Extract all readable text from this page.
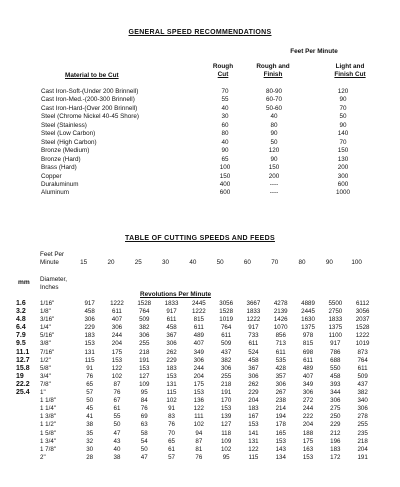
GENERAL SPEED RECOMMENDATIONS
Feet Per Minute
Material to be Cut
Rough
Cut
Rough and
Finish
Light and
Finish Cut
Cast Iron-Soft-(Under 200 Brinnell)	70	80-90	120
Cast Iron-Med.-(200-300 Brinnell)	55	60-70	90
Cast Iron-Hard-(Over 200 Brinnell)	40	50-60	70
Steel (Chrome Nickel 40-45 Shore)	30	40	50
Steel (Stainless)	60	80	90
Steel (Low Carbon)	80	90	140
Steel (High Carbon)	40	50	70
Bronze (Medium)	90	120	150
Bronze (Hard)	65	90	130
Brass (Hard)	100	150	200
Copper	150	200	300
Duraluminum	400	----	600
Aluminum	600	----	1000
TABLE OF CUTTING SPEEDS AND FEEDS
Feet Per Minute	15	20	25	30	40	50	60	70	80	90	100
mm Diameter, Inches
Revolutions Per Minute
1.6	1/16"	917	1222	1528	1833	2445	3056	3667	4278	4889	5500	6112
3.2	1/8"	458	611	764	917	1222	1528	1833	2139	2445	2750	3056
4.8	3/16"	306	407	509	611	815	1019	1222	1426	1630	1833	2037
6.4	1/4"	229	306	382	458	611	764	917	1070	1375	1375	1528
7.9	5/16"	183	244	306	367	489	611	733	856	978	1100	1222
9.5	3/8"	153	204	255	306	407	509	611	713	815	917	1019
11.1	7/16"	131	175	218	262	349	437	524	611	698	786	873
12.7	1/2"	115	153	191	229	306	382	458	535	611	688	764
15.8	5/8"	91	122	153	183	244	306	367	428	489	550	611
19	3/4"	76	102	127	153	204	255	306	357	407	458	509
22.2	7/8"	65	87	109	131	175	218	262	306	349	393	437
25.4	1"	57	76	95	115	153	191	229	267	306	344	382
	1 1/8"	50	67	84	102	136	170	204	238	272	306	340
	1 1/4"	45	61	76	91	122	153	183	214	244	275	306
	1 3/8"	41	55	69	83	111	139	167	194	222	250	278
	1 1/2"	38	50	63	76	102	127	153	178	204	229	255
	1 5/8"	35	47	58	70	94	118	141	165	188	212	235
	1 3/4"	32	43	54	65	87	109	131	153	175	196	218
	1 7/8"	30	40	50	61	81	102	122	143	163	183	204
	2"	28	38	47	57	76	95	115	134	153	172	191
